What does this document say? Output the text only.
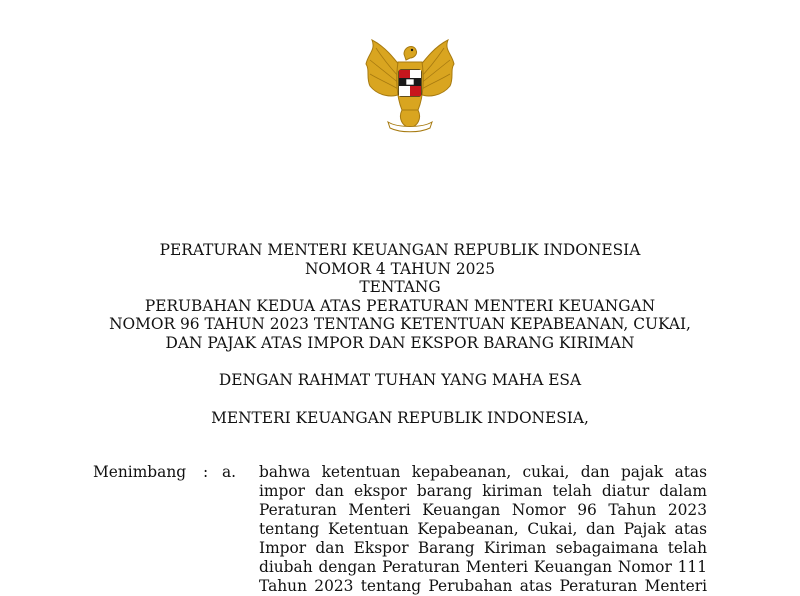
PERATURAN MENTERI KEUANGAN REPUBLIK INDONESIA
NOMOR 4 TAHUN 2025
TENTANG
PERUBAHAN KEDUA ATAS PERATURAN MENTERI KEUANGAN
NOMOR 96 TAHUN 2023 TENTANG KETENTUAN KEPABEANAN, CUKAI,
DAN PAJAK ATAS IMPOR DAN EKSPOR BARANG KIRIMAN
DENGAN RAHMAT TUHAN YANG MAHA ESA
MENTERI KEUANGAN REPUBLIK INDONESIA,
Menimbang : a. bahwa ketentuan kepabeanan, cukai, dan pajak atas
impor dan ekspor barang kiriman telah diatur dalam
Peraturan Menteri Keuangan Nomor 96 Tahun 2023
tentang Ketentuan Kepabeanan, Cukai, dan Pajak atas
Impor dan Ekspor Barang Kiriman sebagaimana telah
diubah dengan Peraturan Menteri Keuangan Nomor 111
Tahun 2023 tentang Perubahan atas Peraturan Menteri
